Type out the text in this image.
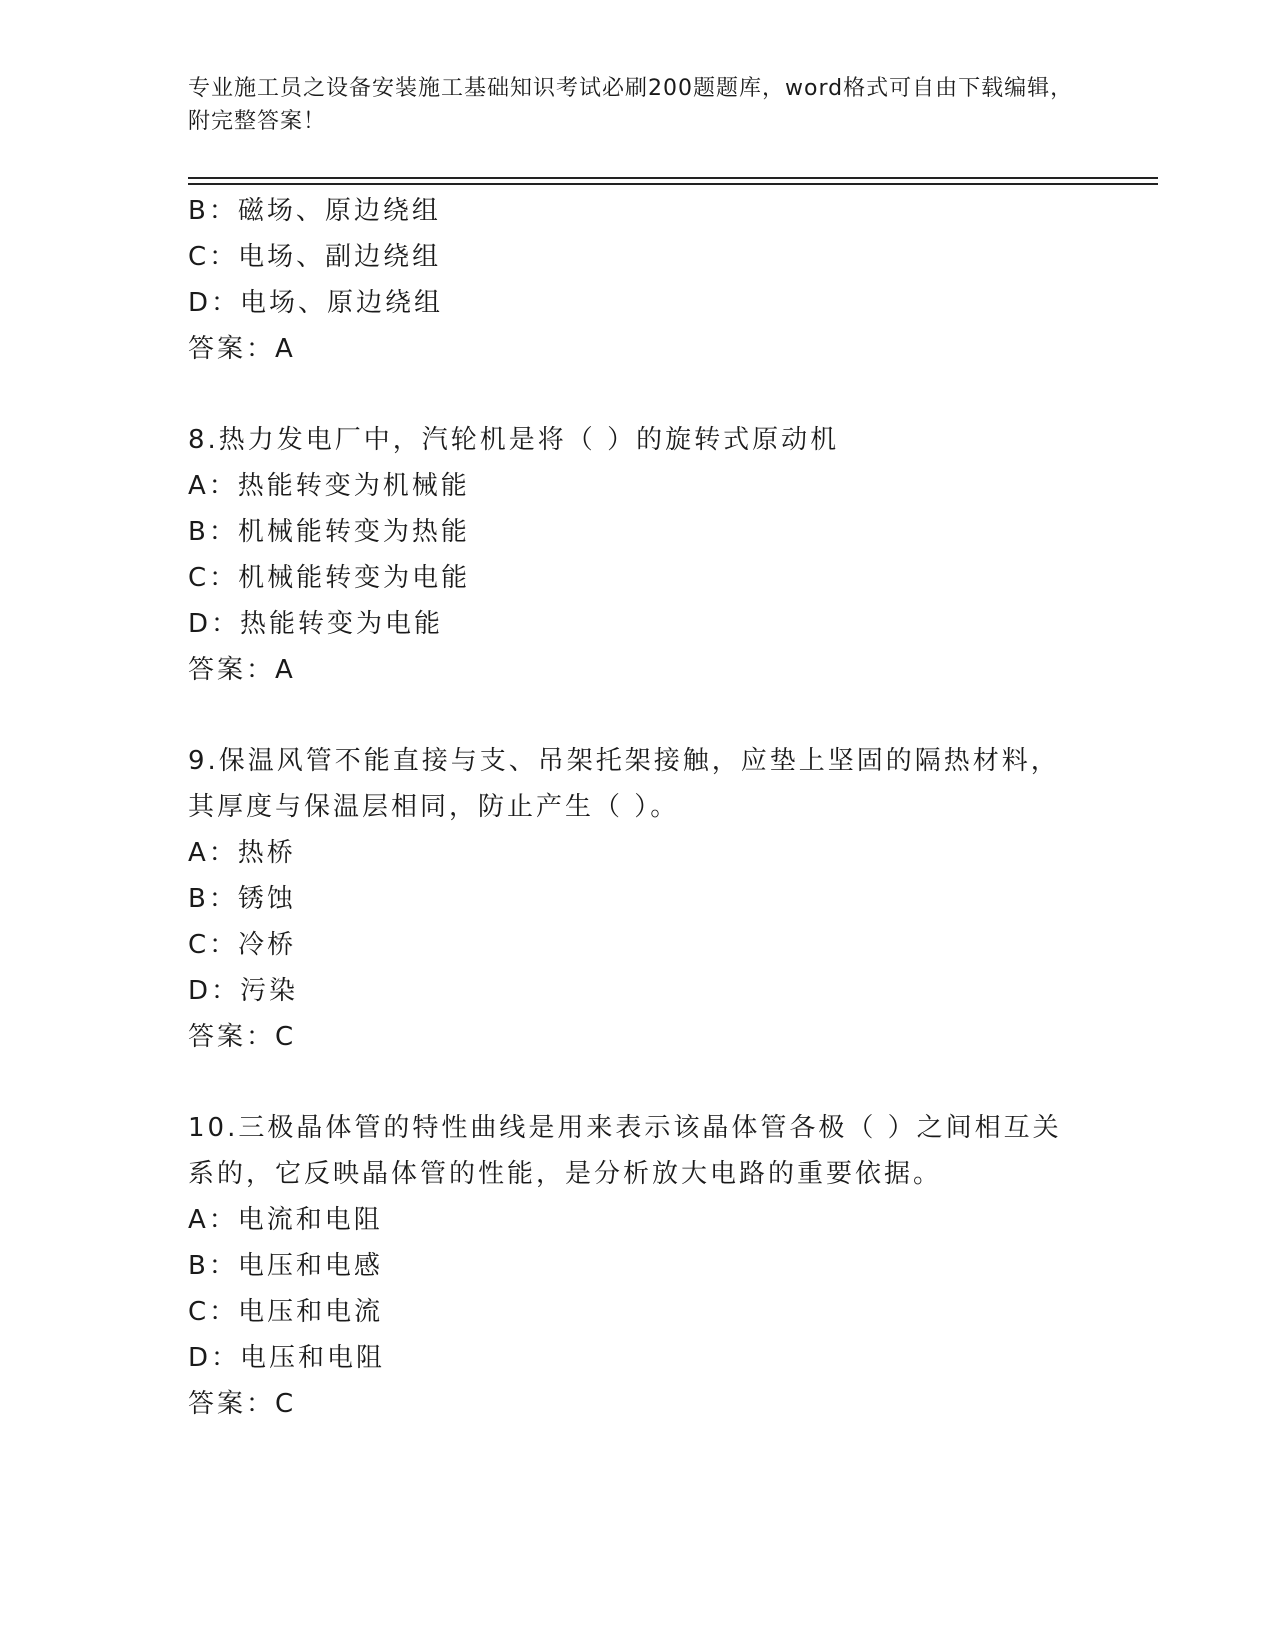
专业施工员之设备安装施工基础知识考试必刷200题题库，word格式可自由下载编辑，附完整答案！
B：磁场、原边绕组
C：电场、副边绕组
D：电场、原边绕组
答案：A
8.热力发电厂中，汽轮机是将（ ）的旋转式原动机
A：热能转变为机械能
B：机械能转变为热能
C：机械能转变为电能
D：热能转变为电能
答案：A
9.保温风管不能直接与支、吊架托架接触，应垫上坚固的隔热材料，其厚度与保温层相同，防止产生（ ）。
A：热桥
B：锈蚀
C：冷桥
D：污染
答案：C
10.三极晶体管的特性曲线是用来表示该晶体管各极（ ）之间相互关系的，它反映晶体管的性能，是分析放大电路的重要依据。
A：电流和电阻
B：电压和电感
C：电压和电流
D：电压和电阻
答案：C
